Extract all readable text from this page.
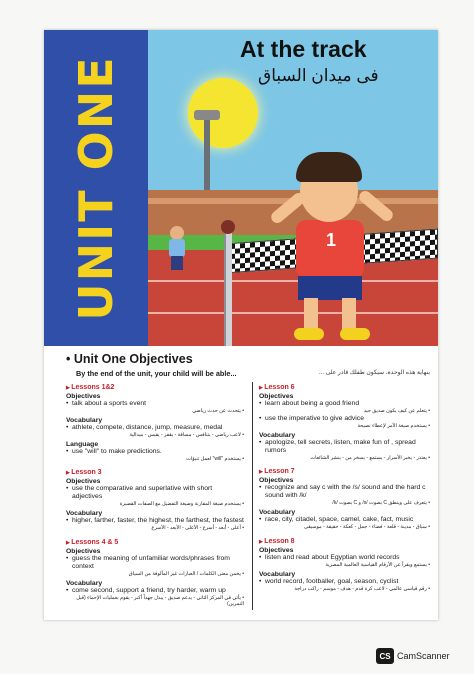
UNIT ONE	1
At the track
فى ميدان السباق
• Unit One Objectives
By the end of the unit, your child will be able...	بنهاية هذه الوحدة، سيكون طفلك قادر على ...
▶ Lessons 1&2
Objectives
• talk about a sports event
• يتحدث عن حدث رياضي
Vocabulary
• athlete, compete, distance, jump, measure, medal
• لاعب رياضي - يتنافس - مسافة - يقفز - يقيس - ميدالية
Language
• use "will" to make predictions.
• يستخدم "will" لعمل تنبؤات
▶ Lesson 3
Objectives
• use the comparative and superlative with short adjectives
• يستخدم صيغة المقارنة وصيغة التفضيل مع الصفات القصيرة
Vocabulary
• higher, farther, faster, the highest, the farthest, the fastest
• أعلى - أبعد - أسرع - الأعلى - الأبعد - الأسرع
▶ Lessons 4 & 5
Objectives
• guess the meaning of unfamiliar words/phrases from context
• يخمن معنى الكلمات / العبارات غير المألوفة من السياق
Vocabulary
• come second, support a friend, try harder, warm up
• يأتي في المركز الثاني - يدعم صديق - يبذل جهداً أكبر - يقوم بعمليات الإحماء (قبل التمرين)
▶ Lesson 6
Objectives
• learn about being a good friend
• يتعلم عن كيف يكون صديق جيد
• use the imperative to give advice
• يستخدم صيغة الأمر لإعطاء نصيحة
Vocabulary
• apologize, tell secrets, listen, make fun of , spread rumors
• يعتذر - يخبر الأسرار - يستمع - يسخر من - ينشر الشائعات
▶ Lesson 7
Objectives
• recognize and say c with the /s/ sound and the hard c sound with /k/
• يتعرف على وينطق C بصوت /s/ و C بصوت /k/
Vocabulary
• race, city, citadel, space, camel, cake, fact, music
• سباق - مدينة - قلعة - فضاء - جمل - كعكة - حقيقة - موسيقى
▶ Lesson 8
Objectives
• listen and read about Egyptian world records
• يستمع ويقرأ عن الأرقام القياسية العالمية المصرية
Vocabulary
• world record, footballer, goal, season, cyclist
• رقم قياسي عالمي - لاعب كرة قدم - هدف - موسم - راكب دراجة
CS CamScanner
